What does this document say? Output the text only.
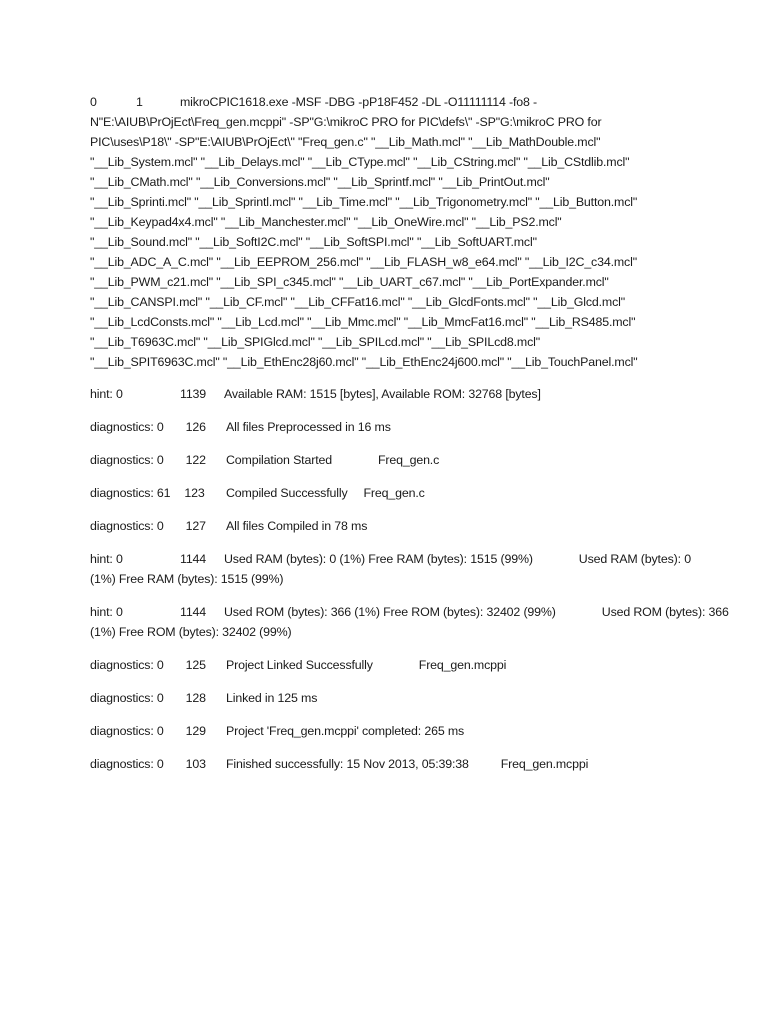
0	1	mikroCPIC1618.exe -MSF -DBG -pP18F452 -DL -O11111114 -fo8 -
N"E:\AIUB\PrOjEct\Freq_gen.mcppi" -SP"G:\mikroC PRO for PIC\defs\" -SP"G:\mikroC PRO for
PIC\uses\P18\" -SP"E:\AIUB\PrOjEct\" "Freq_gen.c" "__Lib_Math.mcl" "__Lib_MathDouble.mcl"
"__Lib_System.mcl" "__Lib_Delays.mcl" "__Lib_CType.mcl" "__Lib_CString.mcl" "__Lib_CStdlib.mcl"
"__Lib_CMath.mcl" "__Lib_Conversions.mcl" "__Lib_Sprintf.mcl" "__Lib_PrintOut.mcl"
"__Lib_Sprinti.mcl" "__Lib_Sprintl.mcl" "__Lib_Time.mcl" "__Lib_Trigonometry.mcl" "__Lib_Button.mcl"
"__Lib_Keypad4x4.mcl" "__Lib_Manchester.mcl" "__Lib_OneWire.mcl" "__Lib_PS2.mcl"
"__Lib_Sound.mcl" "__Lib_SoftI2C.mcl" "__Lib_SoftSPI.mcl" "__Lib_SoftUART.mcl"
"__Lib_ADC_A_C.mcl" "__Lib_EEPROM_256.mcl" "__Lib_FLASH_w8_e64.mcl" "__Lib_I2C_c34.mcl"
"__Lib_PWM_c21.mcl" "__Lib_SPI_c345.mcl" "__Lib_UART_c67.mcl" "__Lib_PortExpander.mcl"
"__Lib_CANSPI.mcl" "__Lib_CF.mcl" "__Lib_CFFat16.mcl" "__Lib_GlcdFonts.mcl" "__Lib_Glcd.mcl"
"__Lib_LcdConsts.mcl" "__Lib_Lcd.mcl" "__Lib_Mmc.mcl" "__Lib_MmcFat16.mcl" "__Lib_RS485.mcl"
"__Lib_T6963C.mcl" "__Lib_SPIGlcd.mcl" "__Lib_SPILcd.mcl" "__Lib_SPILcd8.mcl"
"__Lib_SPIT6963C.mcl" "__Lib_EthEnc28j60.mcl" "__Lib_EthEnc24j600.mcl" "__Lib_TouchPanel.mcl"
hint: 0	1139 Available RAM: 1515 [bytes], Available ROM: 32768 [bytes]
diagnostics: 0 126 All files Preprocessed in 16 ms
diagnostics: 0 122 Compilation Started	Freq_gen.c
diagnostics: 61 123 Compiled Successfully Freq_gen.c
diagnostics: 0 127 All files Compiled in 78 ms
hint: 0	1144 Used RAM (bytes): 0 (1%) Free RAM (bytes): 1515 (99%)	Used RAM (bytes): 0
(1%) Free RAM (bytes): 1515 (99%)
hint: 0	1144 Used ROM (bytes): 366 (1%) Free ROM (bytes): 32402 (99%)	Used ROM (bytes): 366
(1%) Free ROM (bytes): 32402 (99%)
diagnostics: 0 125 Project Linked Successfully	Freq_gen.mcppi
diagnostics: 0 128 Linked in 125 ms
diagnostics: 0 129 Project 'Freq_gen.mcppi' completed: 265 ms
diagnostics: 0 103 Finished successfully: 15 Nov 2013, 05:39:38	Freq_gen.mcppi
